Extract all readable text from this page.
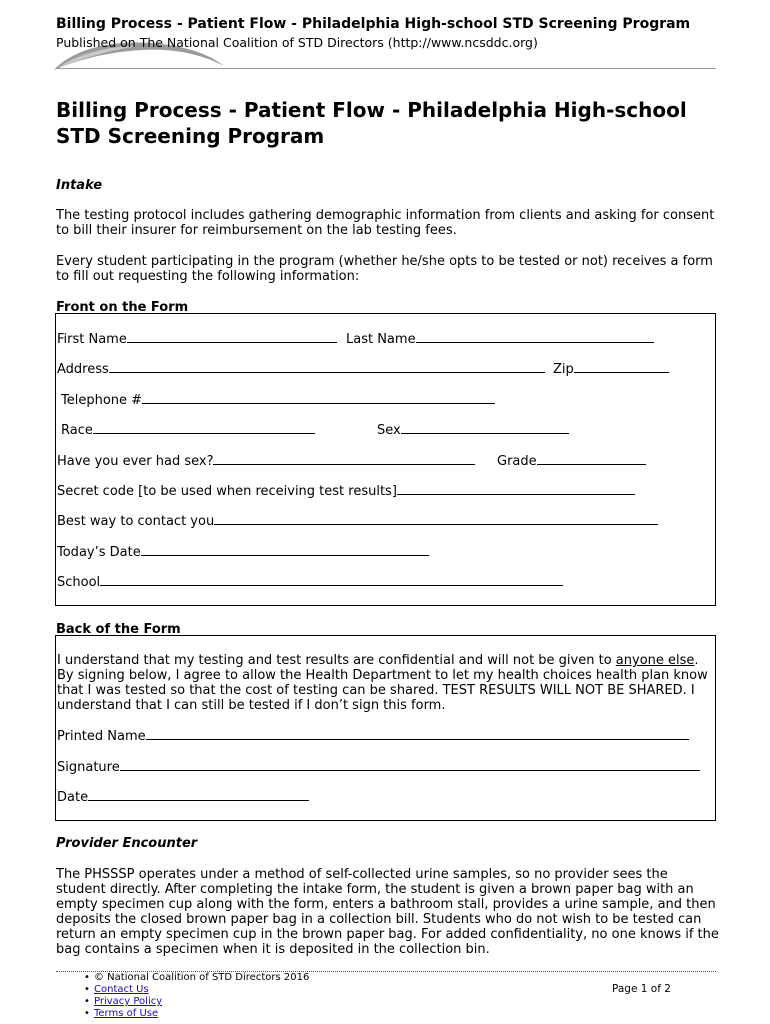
Billing Process - Patient Flow - Philadelphia High-school STD Screening Program
Published on The National Coalition of STD Directors (http://www.ncsddc.org)
Billing Process - Patient Flow - Philadelphia High-school STD Screening Program
Intake
The testing protocol includes gathering demographic information from clients and asking for consent to bill their insurer for reimbursement on the lab testing fees.
Every student participating in the program (whether he/she opts to be tested or not) receives a form to fill out requesting the following information:
Front on the Form
First Name	Last Name
Address	Zip
Telephone #
Race	Sex
Have you ever had sex?	Grade
Secret code [to be used when receiving test results]
Best way to contact you
Today’s Date
School
Back of the Form
I understand that my testing and test results are confidential and will not be given to anyone else.
By signing below, I agree to allow the Health Department to let my health choices health plan know
that I was tested so that the cost of testing can be shared. TEST RESULTS WILL NOT BE SHARED. I
understand that I can still be tested if I don’t sign this form.
Printed Name
Signature
Date
Provider Encounter
The PHSSSP operates under a method of self-collected urine samples, so no provider sees the student directly. After completing the intake form, the student is given a brown paper bag with an empty specimen cup along with the form, enters a bathroom stall, provides a urine sample, and then deposits the closed brown paper bag in a collection bill. Students who do not wish to be tested can return an empty specimen cup in the brown paper bag. For added confidentiality, no one knows if the bag contains a specimen when it is deposited in the collection bin.
• © National Coalition of STD Directors 2016
• Contact Us
• Privacy Policy
• Terms of Use
Page 1 of 2
